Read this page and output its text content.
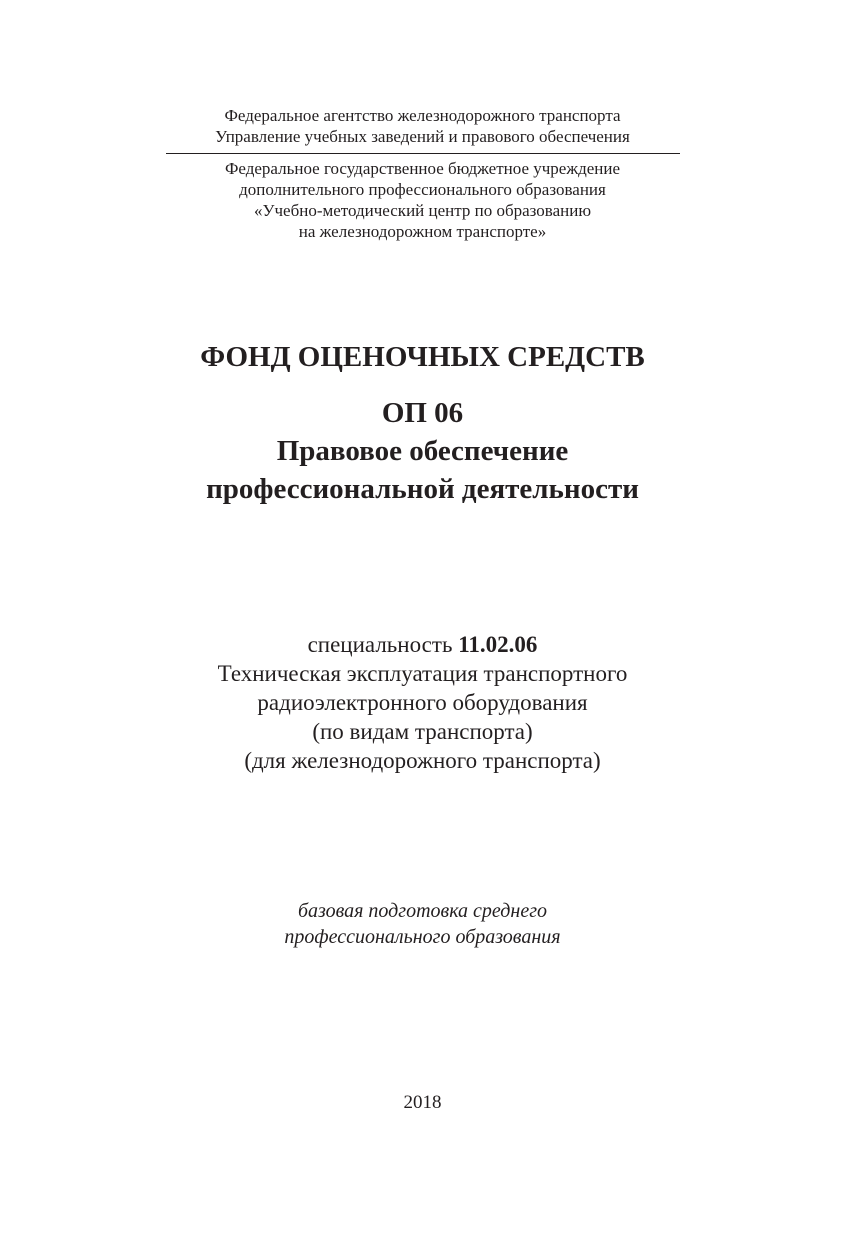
Федеральное агентство железнодорожного транспорта
Управление учебных заведений и правового обеспечения
Федеральное государственное бюджетное учреждение
дополнительного профессионального образования
«Учебно-методический центр по образованию
на железнодорожном транспорте»
ФОНД ОЦЕНОЧНЫХ СРЕДСТВ
ОП 06
Правовое обеспечение
профессиональной деятельности
специальность 11.02.06
Техническая эксплуатация транспортного
радиоэлектронного оборудования
(по видам транспорта)
(для железнодорожного транспорта)
базовая подготовка среднего
профессионального образования
2018
